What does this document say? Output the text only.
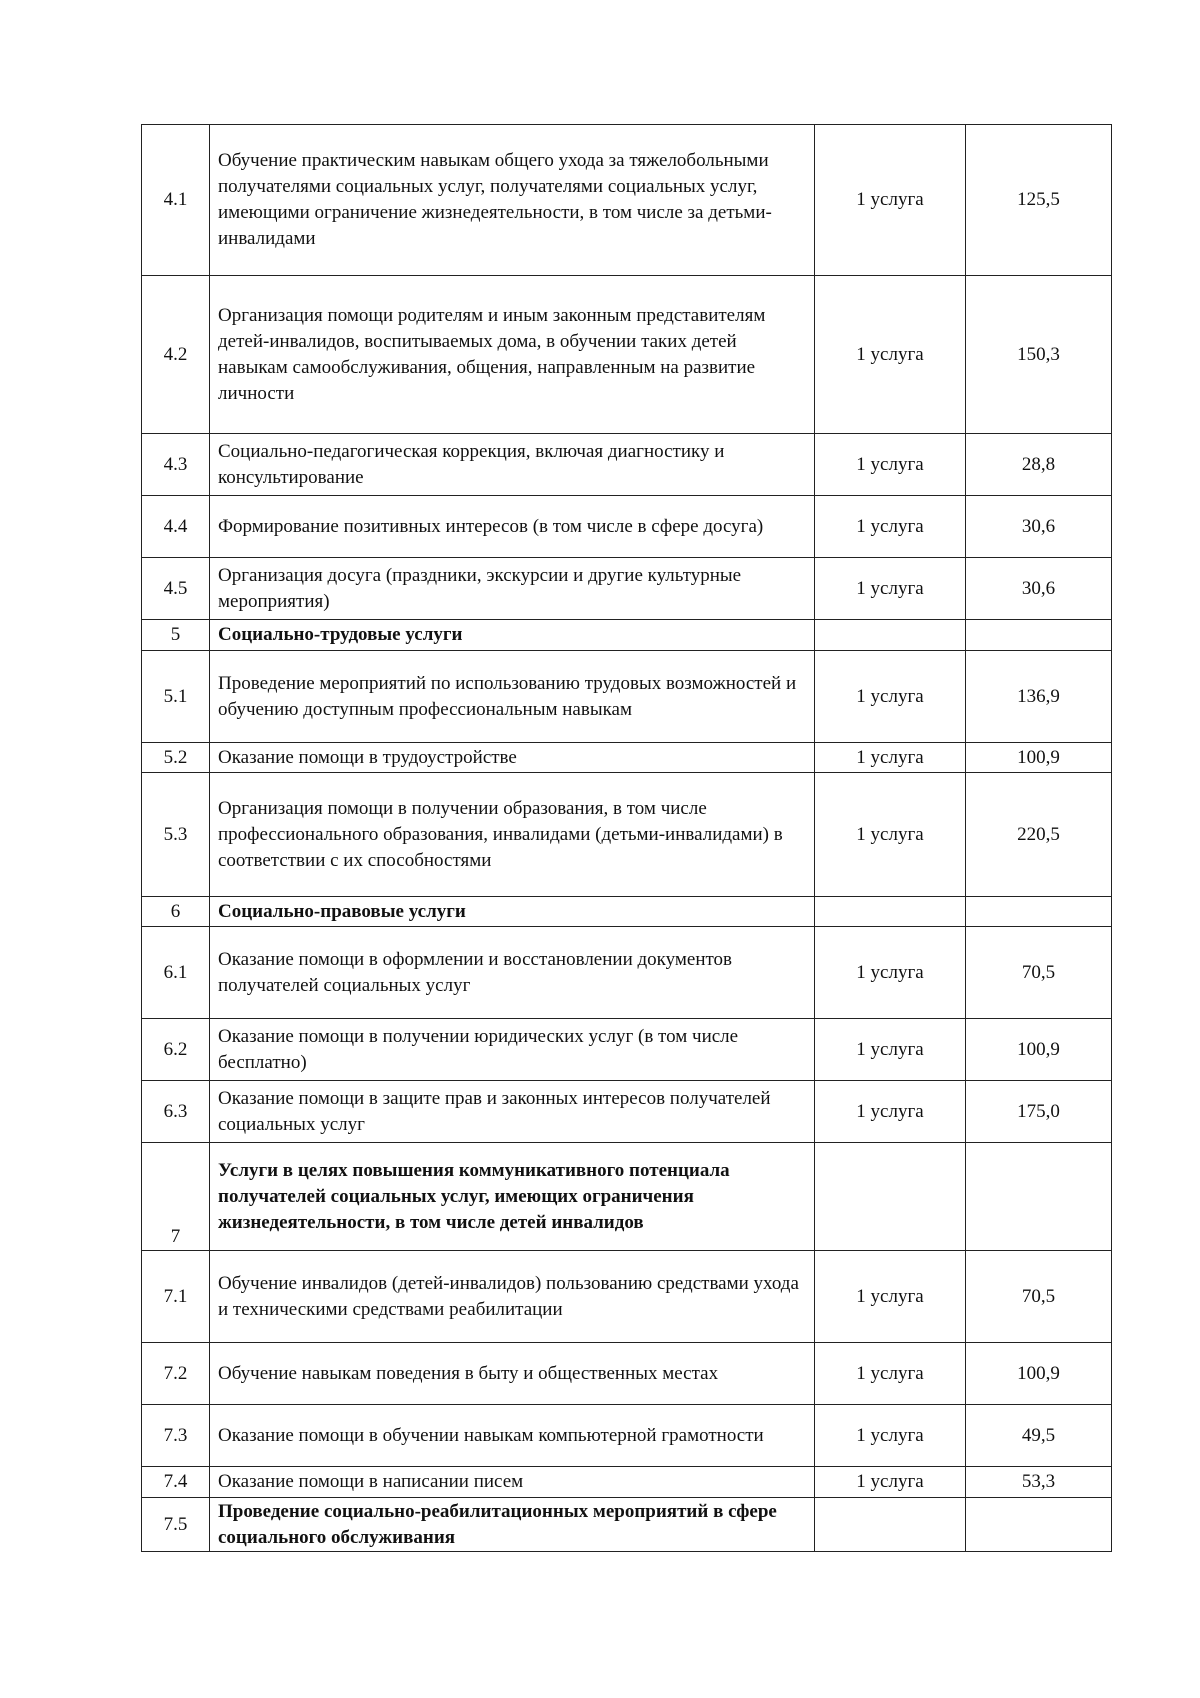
4.1	Обучение практическим навыкам общего ухода за тяжелобольными получателями социальных услуг, получателями социальных услуг, имеющими ограничение жизнедеятельности, в том числе за детьми-инвалидами	1 услуга	125,5
4.2	Организация помощи родителям и иным законным представителям детей-инвалидов, воспитываемых дома, в обучении таких детей навыкам самообслуживания, общения, направленным на развитие личности	1 услуга	150,3
4.3	Социально-педагогическая коррекция, включая диагностику и консультирование	1 услуга	28,8
4.4	Формирование позитивных интересов (в том числе в сфере досуга)	1 услуга	30,6
4.5	Организация досуга (праздники, экскурсии и другие культурные мероприятия)	1 услуга	30,6
5	Социально-трудовые услуги		
5.1	Проведение мероприятий по использованию трудовых возможностей и обучению доступным профессиональным навыкам	1 услуга	136,9
5.2	Оказание помощи в трудоустройстве	1 услуга	100,9
5.3	Организация помощи в получении образования, в том числе профессионального образования, инвалидами (детьми-инвалидами) в соответствии с их способностями	1 услуга	220,5
6	Социально-правовые услуги		
6.1	Оказание помощи в оформлении и восстановлении документов получателей социальных услуг	1 услуга	70,5
6.2	Оказание помощи в получении юридических услуг (в том числе бесплатно)	1 услуга	100,9
6.3	Оказание помощи в защите прав и законных интересов получателей социальных услуг	1 услуга	175,0
7	Услуги в целях повышения коммуникативного потенциала получателей социальных услуг, имеющих ограничения жизнедеятельности, в том числе детей инвалидов		
7.1	Обучение инвалидов (детей-инвалидов) пользованию средствами ухода и техническими средствами реабилитации	1 услуга	70,5
7.2	Обучение навыкам поведения в быту и общественных местах	1 услуга	100,9
7.3	Оказание помощи в обучении навыкам компьютерной грамотности	1 услуга	49,5
7.4	Оказание помощи в написании писем	1 услуга	53,3
7.5	Проведение социально-реабилитационных мероприятий в сфере социального обслуживания		
